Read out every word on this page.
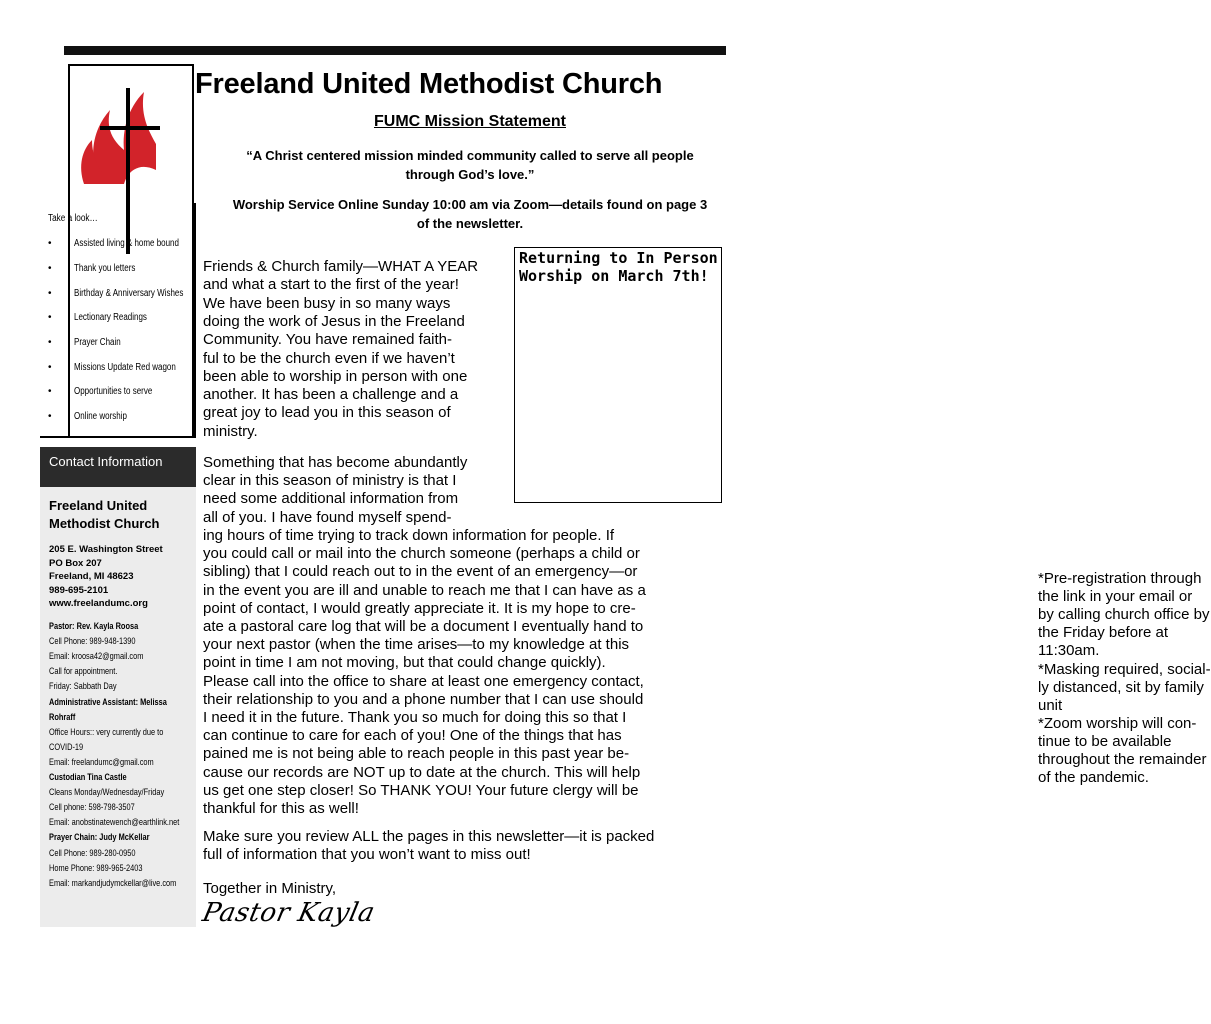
Freeland United Methodist Church
FUMC Mission Statement
“A Christ centered mission minded community called to serve all people
through God’s love.”
Worship Service Online Sunday 10:00 am via Zoom—details found on page 3
of the newsletter.
Take a look…
• Assisted living & home bound
• Thank you letters
• Birthday & Anniversary Wishes
• Lectionary Readings
• Prayer Chain
• Missions Update Red wagon
• Opportunities to serve
• Online worship
Contact Information
Freeland United
Methodist Church
205 E. Washington Street
PO Box 207
Freeland, MI 48623
989-695-2101
www.freelandumc.org
Pastor: Rev. Kayla Roosa
Cell Phone: 989-948-1390
Email: kroosa42@gmail.com
Call for appointment.
Friday: Sabbath Day
Administrative Assistant: Melissa
Rohraff
Office Hours:: very currently due to
COVID-19
Email: freelandumc@gmail.com
Custodian Tina Castle
Cleans Monday/Wednesday/Friday
Cell phone: 598-798-3507
Email: anobstinatewench@earthlink.net
Prayer Chain: Judy McKellar
Cell Phone: 989-280-0950
Home Phone: 989-965-2403
Email: markandjudymckellar@live.com
Returning to In Person
Worship on March 7th!
*Pre-registration through
the link in your email or
by calling church office by
the Friday before at
11:30am.
*Masking required, social-
ly distanced, sit by family
unit
*Zoom worship will con-
tinue to be available
throughout the remainder
of the pandemic.
Friends & Church family—WHAT A YEAR
and what a start to the first of the year!
We have been busy in so many ways
doing the work of Jesus in the Freeland
Community. You have remained faith-
ful to be the church even if we haven’t
been able to worship in person with one
another. It has been a challenge and a
great joy to lead you in this season of
ministry.
Something that has become abundantly
clear in this season of ministry is that I
need some additional information from
all of you. I have found myself spend-
ing hours of time trying to track down information for people. If
you could call or mail into the church someone (perhaps a child or
sibling) that I could reach out to in the event of an emergency—or
in the event you are ill and unable to reach me that I can have as a
point of contact, I would greatly appreciate it. It is my hope to cre-
ate a pastoral care log that will be a document I eventually hand to
your next pastor (when the time arises—to my knowledge at this
point in time I am not moving, but that could change quickly).
Please call into the office to share at least one emergency contact,
their relationship to you and a phone number that I can use should
I need it in the future. Thank you so much for doing this so that I
can continue to care for each of you! One of the things that has
pained me is not being able to reach people in this past year be-
cause our records are NOT up to date at the church. This will help
us get one step closer! So THANK YOU! Your future clergy will be
thankful for this as well!
Make sure you review ALL the pages in this newsletter—it is packed
full of information that you won’t want to miss out!
Together in Ministry,
Pastor Kayla
